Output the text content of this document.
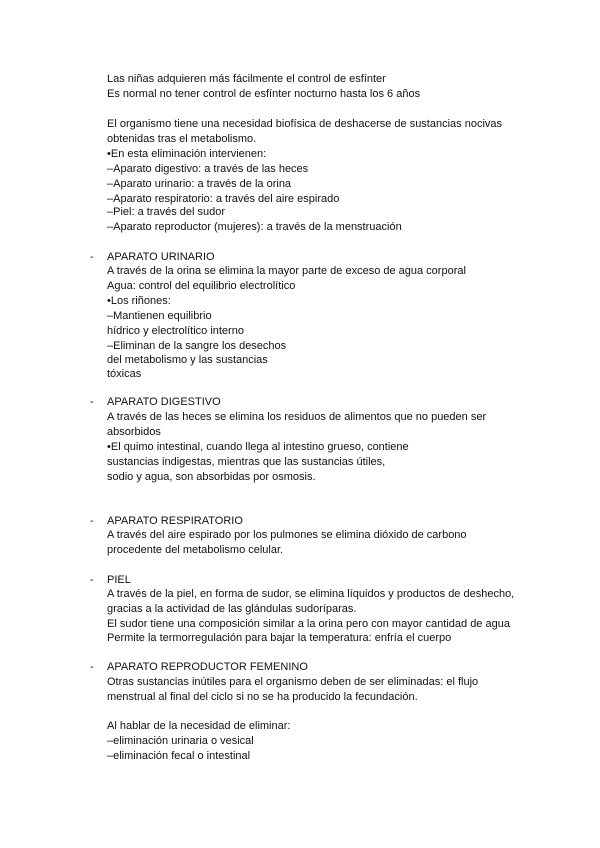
Las niñas adquieren más fácilmente el control de esfínter
Es normal no tener control de esfínter nocturno hasta los 6 años
El organismo tiene una necesidad biofísica de deshacerse de sustancias nocivas
obtenidas tras el metabolismo.
•En esta eliminación intervienen:
–Aparato digestivo: a través de las heces
–Aparato urinario: a través de la orina
–Aparato respiratorio: a través del aire espirado
–Piel: a través del sudor
–Aparato reproductor (mujeres): a través de la menstruación
- APARATO URINARIO
A través de la orina se elimina la mayor parte de exceso de agua corporal
Agua: control del equilibrio electrolítico
•Los riñones:
–Mantienen equilibrio
hídrico y electrolítico interno
–Eliminan de la sangre los desechos
del metabolismo y las sustancias
tóxicas
- APARATO DIGESTIVO
A través de las heces se elimina los residuos de alimentos que no pueden ser
absorbidos
•El quimo intestinal, cuando llega al intestino grueso, contiene
sustancias indigestas, mientras que las sustancias útiles,
sodio y agua, son absorbidas por osmosis.
- APARATO RESPIRATORIO
A través del aire espirado por los pulmones se elimina dióxido de carbono
procedente del metabolismo celular.
- PIEL
A través de la piel, en forma de sudor, se elimina líquidos y productos de deshecho,
gracias a la actividad de las glándulas sudoríparas.
El sudor tiene una composición similar a la orina pero con mayor cantidad de agua
Permite la termorregulación para bajar la temperatura: enfría el cuerpo
- APARATO REPRODUCTOR FEMENINO
Otras sustancias inútiles para el organismo deben de ser eliminadas: el flujo
menstrual al final del ciclo si no se ha producido la fecundación.
Al hablar de la necesidad de eliminar:
–eliminación urinaria o vesical
–eliminación fecal o intestinal
